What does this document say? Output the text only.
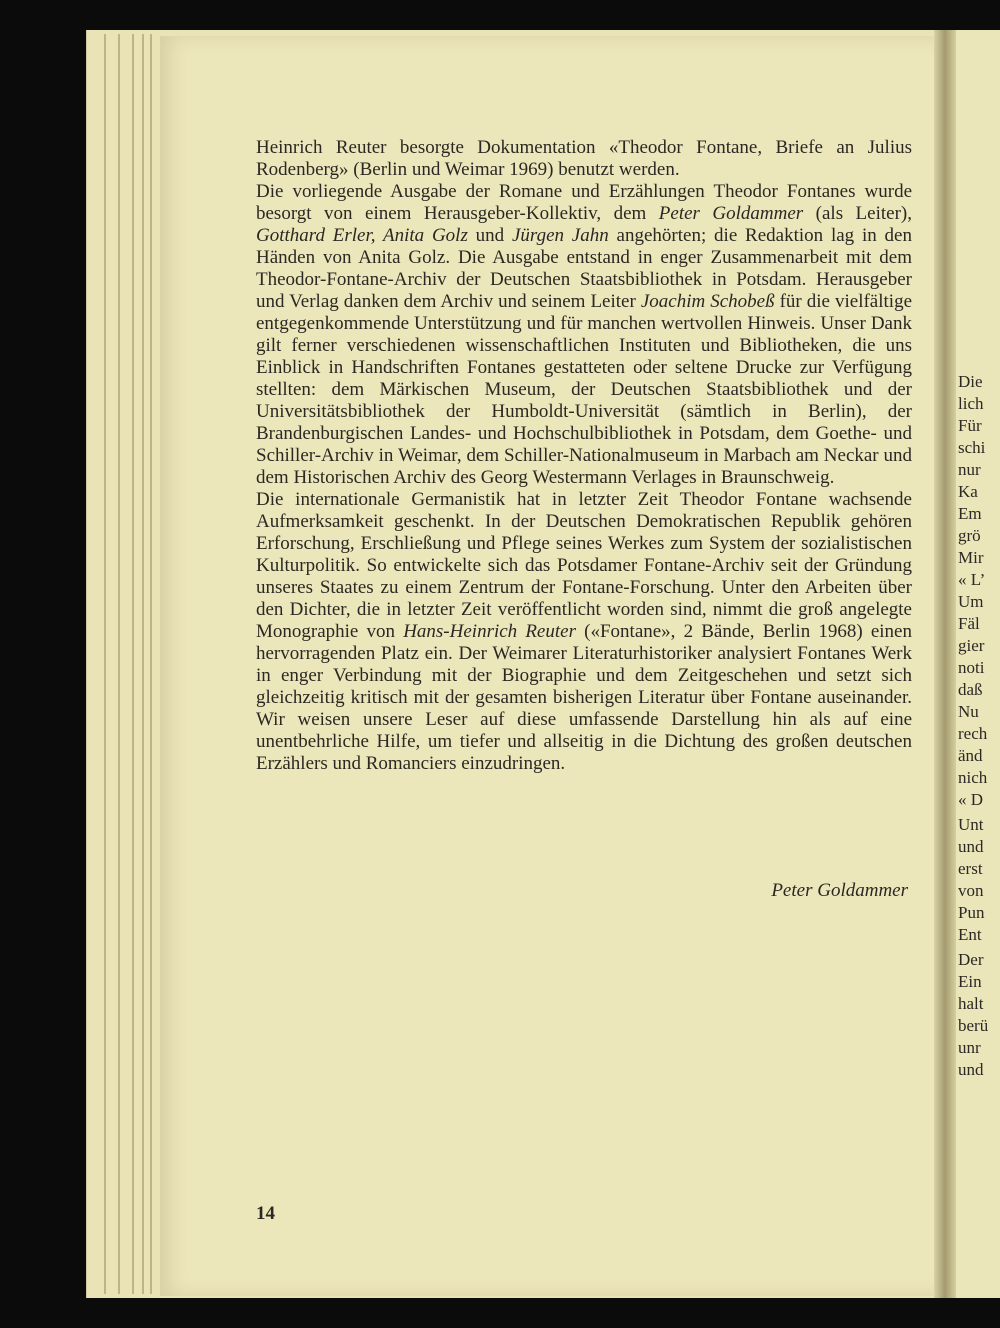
Die
lich
Für
schi
nur
Ka
Em
grö
Mir
« L’
Um
Fäl
gier
noti
daß
Nu
rech
änd
nich
« D
Unt
und
erst
von
Pun
Ent
Der
Ein
halt
berü
unr
und

Heinrich Reuter besorgte Dokumentation «Theodor Fontane, Briefe an Julius Rodenberg» (Berlin und Weimar 1969) benutzt werden.

Die vorliegende Ausgabe der Romane und Erzählungen Theodor Fontanes wurde besorgt von einem Herausgeber-Kollektiv, dem Peter Goldammer (als Leiter), Gotthard Erler, Anita Golz und Jürgen Jahn angehörten; die Redaktion lag in den Händen von Anita Golz. Die Ausgabe entstand in enger Zusammenarbeit mit dem Theodor-Fontane-Archiv der Deutschen Staatsbibliothek in Potsdam. Herausgeber und Verlag danken dem Archiv und seinem Leiter Joachim Schobeß für die vielfältige entgegenkommende Unterstützung und für manchen wertvollen Hinweis. Unser Dank gilt ferner verschiedenen wissenschaftlichen Instituten und Bibliotheken, die uns Einblick in Handschriften Fontanes gestatteten oder seltene Drucke zur Verfügung stellten: dem Märkischen Museum, der Deutschen Staatsbibliothek und der Universitätsbibliothek der Humboldt-Universität (sämtlich in Berlin), der Brandenburgischen Landes- und Hochschulbibliothek in Potsdam, dem Goethe- und Schiller-Archiv in Weimar, dem Schiller-Nationalmuseum in Marbach am Neckar und dem Historischen Archiv des Georg Westermann Verlages in Braunschweig.

Die internationale Germanistik hat in letzter Zeit Theodor Fontane wachsende Aufmerksamkeit geschenkt. In der Deutschen Demokratischen Republik gehören Erforschung, Erschließung und Pflege seines Werkes zum System der sozialistischen Kulturpolitik. So entwickelte sich das Potsdamer Fontane-Archiv seit der Gründung unseres Staates zu einem Zentrum der Fontane-Forschung. Unter den Arbeiten über den Dichter, die in letzter Zeit veröffentlicht worden sind, nimmt die groß angelegte Monographie von Hans-Heinrich Reuter («Fontane», 2 Bände, Berlin 1968) einen hervorragenden Platz ein. Der Weimarer Literaturhistoriker analysiert Fontanes Werk in enger Verbindung mit der Biographie und dem Zeitgeschehen und setzt sich gleichzeitig kritisch mit der gesamten bisherigen Literatur über Fontane auseinander. Wir weisen unsere Leser auf diese umfassende Darstellung hin als auf eine unentbehrliche Hilfe, um tiefer und allseitig in die Dichtung des großen deutschen Erzählers und Romanciers einzudringen.

Peter Goldammer
14
